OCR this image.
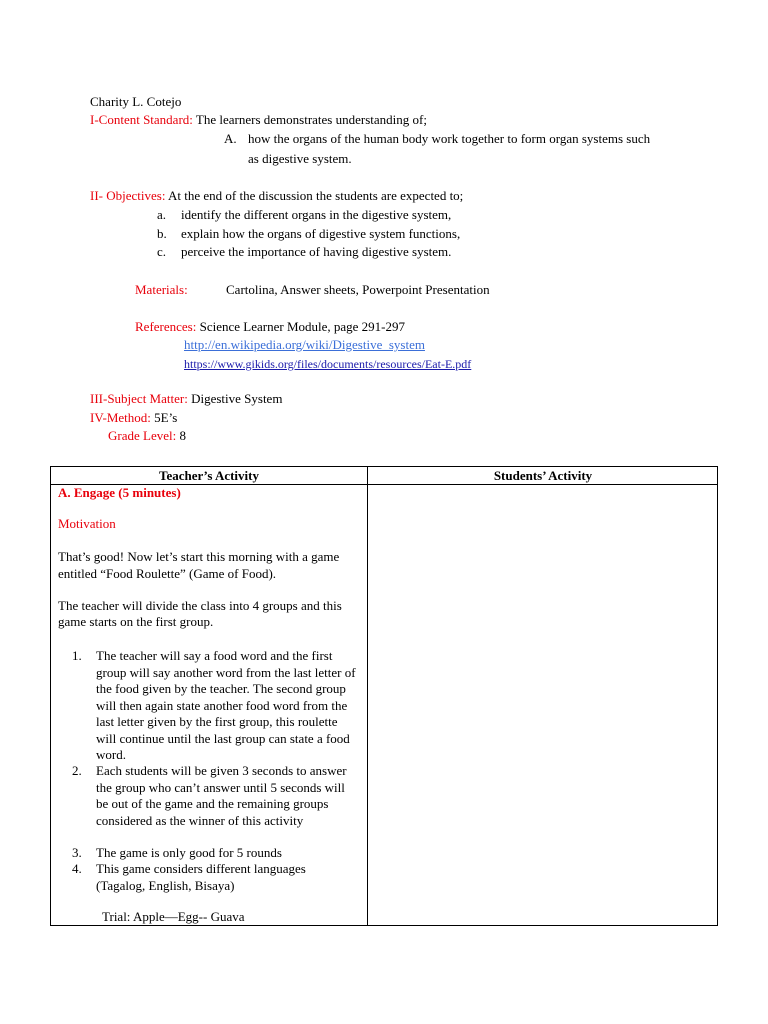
Charity L. Cotejo
I-Content Standard: The learners demonstrates understanding of;
A. how the organs of the human body work together to form organ systems such
as digestive system.
II- Objectives: At the end of the discussion the students are expected to;
a. identify the different organs in the digestive system,
b. explain how the organs of digestive system functions,
c. perceive the importance of having digestive system.
Materials:	Cartolina, Answer sheets, Powerpoint Presentation
References: Science Learner Module, page 291-297
http://en.wikipedia.org/wiki/Digestive_system
https://www.gikids.org/files/documents/resources/Eat-E.pdf
III-Subject Matter: Digestive System
IV-Method: 5E’s
Grade Level: 8
Teacher’s Activity	Students’ Activity
A. Engage (5 minutes)
Motivation
That’s good! Now let’s start this morning with a game
entitled “Food Roulette” (Game of Food).
The teacher will divide the class into 4 groups and this
game starts on the first group.
1. The teacher will say a food word and the first group will say another word from the last letter of the food given by the teacher. The second group will then again state another food word from the last letter given by the first group, this roulette will continue until the last group can state a food word.
2. Each students will be given 3 seconds to answer the group who can’t answer until 5 seconds will be out of the game and the remaining groups considered as the winner of this activity
3. The game is only good for 5 rounds
4. This game considers different languages (Tagalog, English, Bisaya)
Trial: Apple—Egg-- Guava
